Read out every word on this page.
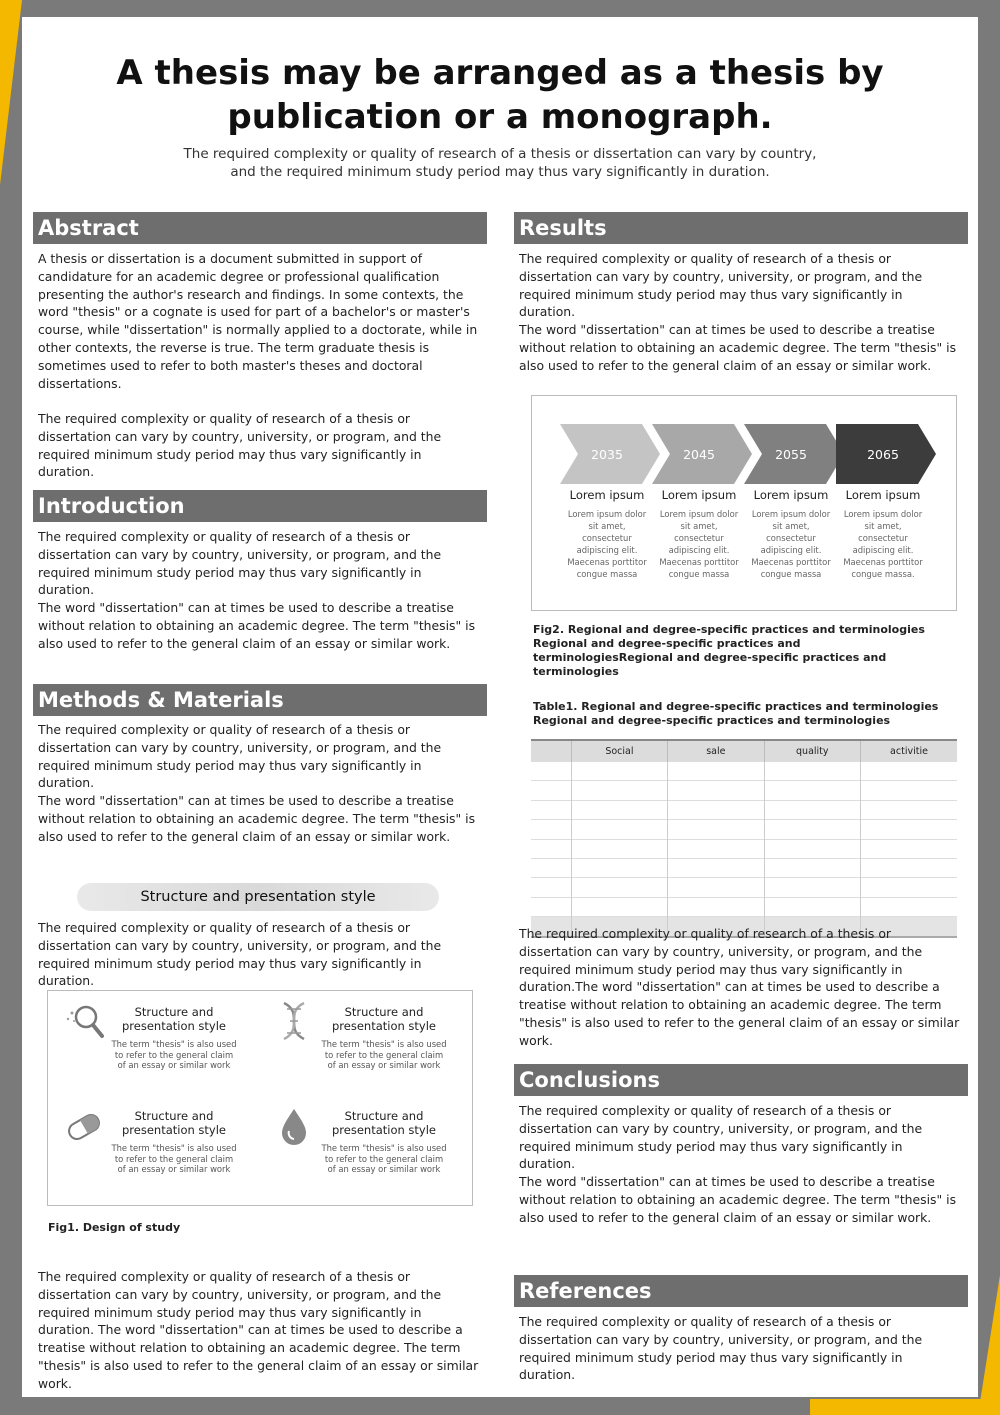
A thesis may be arranged as a thesis by publication or a monograph.
The required complexity or quality of research of a thesis or dissertation can vary by country,
and the required minimum study period may thus vary significantly in duration.
Abstract
A thesis or dissertation is a document submitted in support of candidature for an academic degree or professional qualification presenting the author's research and findings. In some contexts, the word "thesis" or a cognate is used for part of a bachelor's or master's course, while "dissertation" is normally applied to a doctorate, while in other contexts, the reverse is true. The term graduate thesis is sometimes used to refer to both master's theses and doctoral dissertations.
The required complexity or quality of research of a thesis or dissertation can vary by country, university, or program, and the required minimum study period may thus vary significantly in duration.
Introduction
The required complexity or quality of research of a thesis or dissertation can vary by country, university, or program, and the required minimum study period may thus vary significantly in duration.
The word "dissertation" can at times be used to describe a treatise without relation to obtaining an academic degree. The term "thesis" is also used to refer to the general claim of an essay or similar work.
Methods & Materials
The required complexity or quality of research of a thesis or dissertation can vary by country, university, or program, and the required minimum study period may thus vary significantly in duration.
The word "dissertation" can at times be used to describe a treatise without relation to obtaining an academic degree. The term "thesis" is also used to refer to the general claim of an essay or similar work.
Structure and presentation style
The required complexity or quality of research of a thesis or dissertation can vary by country, university, or program, and the required minimum study period may thus vary significantly in duration.
Structure and presentation style
The term "thesis" is also used to refer to the general claim of an essay or similar work
Structure and presentation style
The term "thesis" is also used to refer to the general claim of an essay or similar work
Structure and presentation style
The term "thesis" is also used to refer to the general claim of an essay or similar work
Structure and presentation style
The term "thesis" is also used to refer to the general claim of an essay or similar work
Fig1. Design of study
The required complexity or quality of research of a thesis or dissertation can vary by country, university, or program, and the required minimum study period may thus vary significantly in duration. The word "dissertation" can at times be used to describe a treatise without relation to obtaining an academic degree. The term "thesis" is also used to refer to the general claim of an essay or similar work.
Results
The required complexity or quality of research of a thesis or dissertation can vary by country, university, or program, and the required minimum study period may thus vary significantly in duration.
The word "dissertation" can at times be used to describe a treatise without relation to obtaining an academic degree. The term "thesis" is also used to refer to the general claim of an essay or similar work.
2035	2045	2055	2065
Lorem ipsum	Lorem ipsum	Lorem ipsum	Lorem ipsum
Lorem ipsum dolor sit amet, consectetur adipiscing elit. Maecenas porttitor congue massa
Lorem ipsum dolor sit amet, consectetur adipiscing elit. Maecenas porttitor congue massa
Lorem ipsum dolor sit amet, consectetur adipiscing elit. Maecenas porttitor congue massa
Lorem ipsum dolor sit amet, consectetur adipiscing elit. Maecenas porttitor congue massa.
Fig2. Regional and degree-specific practices and terminologies Regional and degree-specific practices and terminologiesRegional and degree-specific practices and terminologies
Table1. Regional and degree-specific practices and terminologies Regional and degree-specific practices and terminologies
	Social	sale	quality	activitie

The required complexity or quality of research of a thesis or dissertation can vary by country, university, or program, and the required minimum study period may thus vary significantly in duration.The word "dissertation" can at times be used to describe a treatise without relation to obtaining an academic degree. The term "thesis" is also used to refer to the general claim of an essay or similar work.
Conclusions
The required complexity or quality of research of a thesis or dissertation can vary by country, university, or program, and the required minimum study period may thus vary significantly in duration.
The word "dissertation" can at times be used to describe a treatise without relation to obtaining an academic degree. The term "thesis" is also used to refer to the general claim of an essay or similar work.
References
The required complexity or quality of research of a thesis or dissertation can vary by country, university, or program, and the required minimum study period may thus vary significantly in duration.
